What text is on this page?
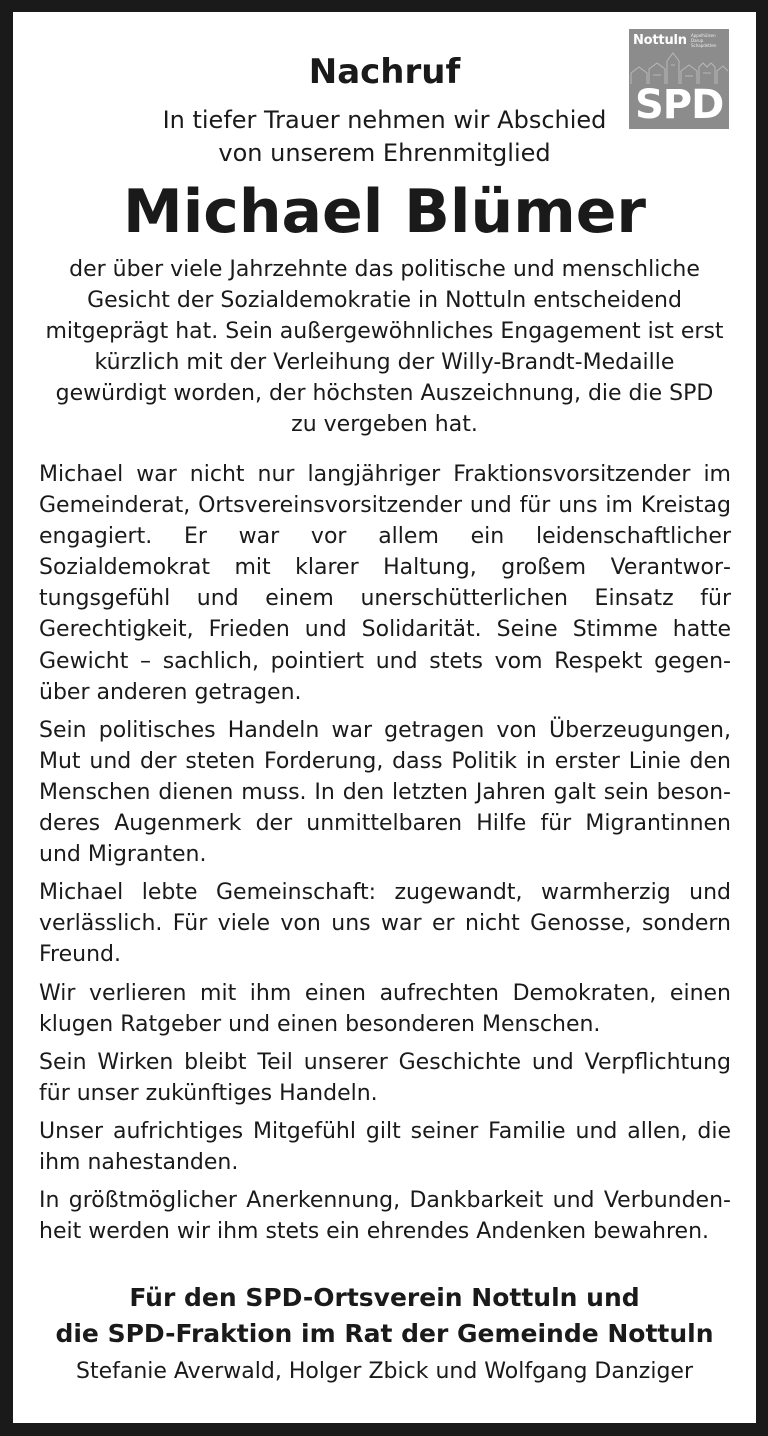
Nottuln Appelhülsen Darup Schapdetten
SPD
Nachruf
In tiefer Trauer nehmen wir Abschied
von unserem Ehrenmitglied
Michael Blümer
der über viele Jahrzehnte das politische und menschliche Gesicht der Sozialdemokratie in Nottuln entscheidend mitgeprägt hat. Sein außergewöhnliches Engagement ist erst kürzlich mit der Verleihung der Willy-Brandt-Medaille gewürdigt worden, der höchsten Auszeichnung, die die SPD zu vergeben hat.

Michael war nicht nur langjähriger Fraktionsvorsitzender im Gemeinderat, Ortsvereinsvorsitzender und für uns im Kreistag engagiert. Er war vor allem ein leidenschaftlicher Sozialdemokrat mit klarer Haltung, großem Verantwortungsgefühl und einem unerschütterlichen Einsatz für Gerechtigkeit, Frieden und Solidarität. Seine Stimme hatte Gewicht – sachlich, pointiert und stets vom Respekt gegenüber anderen getragen.

Sein politisches Handeln war getragen von Überzeugungen, Mut und der steten Forderung, dass Politik in erster Linie den Menschen dienen muss. In den letzten Jahren galt sein besonderes Augenmerk der unmittelbaren Hilfe für Migrantinnen und Migranten.

Michael lebte Gemeinschaft: zugewandt, warmherzig und verlässlich. Für viele von uns war er nicht Genosse, sondern Freund.

Wir verlieren mit ihm einen aufrechten Demokraten, einen klugen Ratgeber und einen besonderen Menschen.

Sein Wirken bleibt Teil unserer Geschichte und Verpflichtung für unser zukünftiges Handeln.

Unser aufrichtiges Mitgefühl gilt seiner Familie und allen, die ihm nahestanden.

In größtmöglicher Anerkennung, Dankbarkeit und Verbundenheit werden wir ihm stets ein ehrendes Andenken bewahren.

Für den SPD-Ortsverein Nottuln und
die SPD-Fraktion im Rat der Gemeinde Nottuln
Stefanie Averwald, Holger Zbick und Wolfgang Danziger
